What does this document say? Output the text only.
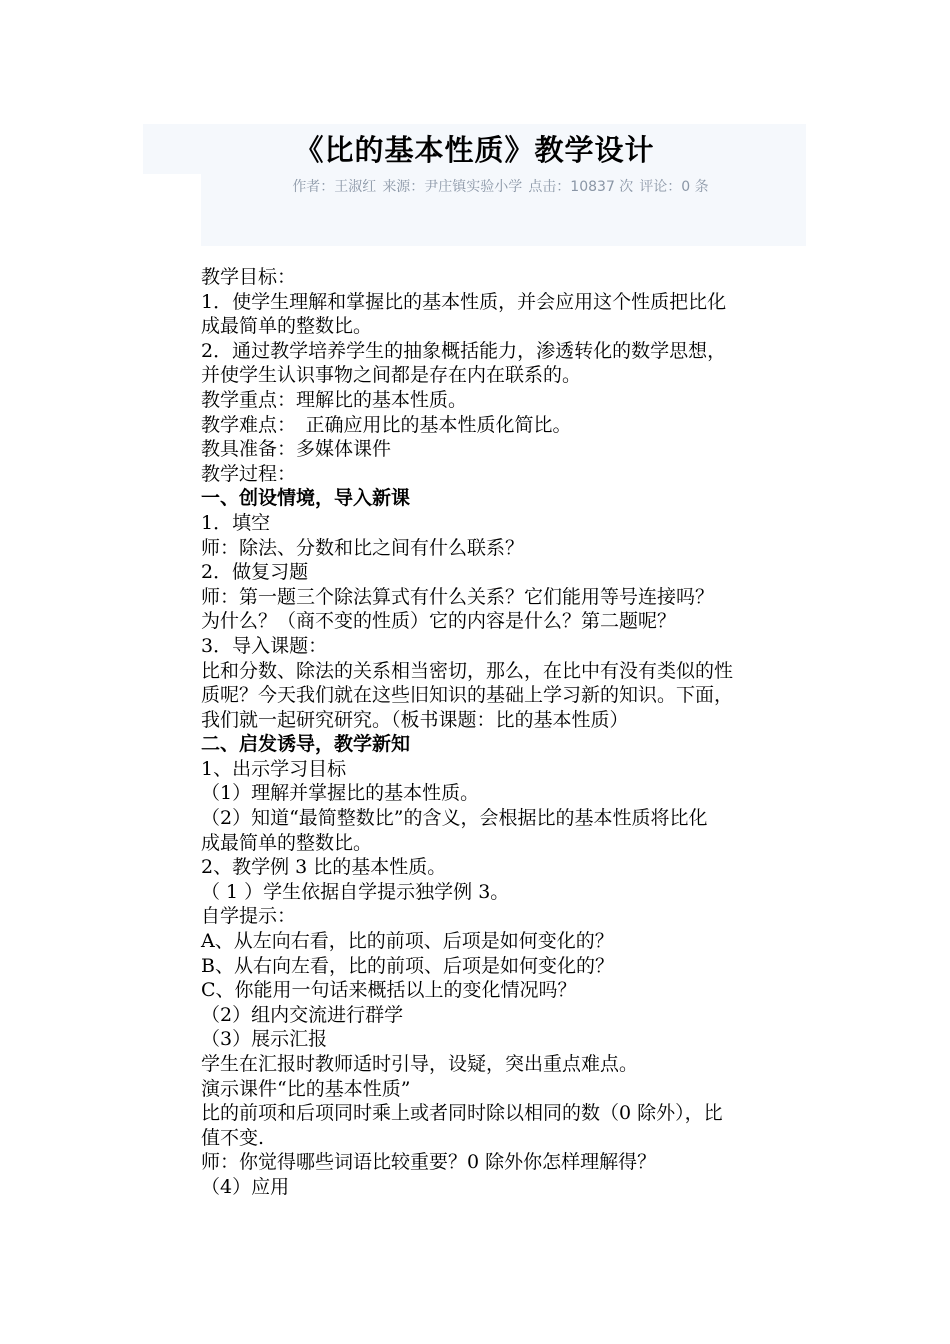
《比的基本性质》教学设计
作者：王淑红 来源：尹庄镇实验小学 点击：10837 次 评论：0 条

教学目标：

1．使学生理解和掌握比的基本性质，并会应用这个性质把比化

成最简单的整数比。

2．通过教学培养学生的抽象概括能力，渗透转化的数学思想，

并使学生认识事物之间都是存在内在联系的。

教学重点：理解比的基本性质。

教学难点：　正确应用比的基本性质化简比。

教具准备：多媒体课件

教学过程：

一、创设情境，导入新课

1．填空

师：除法、分数和比之间有什么联系？

2．做复习题

师：第一题三个除法算式有什么关系？它们能用等号连接吗？

为什么？（商不变的性质）它的内容是什么？第二题呢？

3．导入课题：

比和分数、除法的关系相当密切，那么，在比中有没有类似的性

质呢？今天我们就在这些旧知识的基础上学习新的知识。下面，

我们就一起研究研究。（板书课题：比的基本性质）

二、启发诱导，教学新知

1、出示学习目标

（1）理解并掌握比的基本性质。

（2）知道“最简整数比”的含义，会根据比的基本性质将比化

成最简单的整数比。

2、教学例 3 比的基本性质。

（ 1 ）学生依据自学提示独学例 3。

自学提示：

A、从左向右看，比的前项、后项是如何变化的？

B、从右向左看，比的前项、后项是如何变化的？

C、你能用一句话来概括以上的变化情况吗？

（2）组内交流进行群学

（3）展示汇报

学生在汇报时教师适时引导，设疑，突出重点难点。

演示课件“比的基本性质”

比的前项和后项同时乘上或者同时除以相同的数（0 除外），比

值不变.

师：你觉得哪些词语比较重要？0 除外你怎样理解得？

（4）应用
